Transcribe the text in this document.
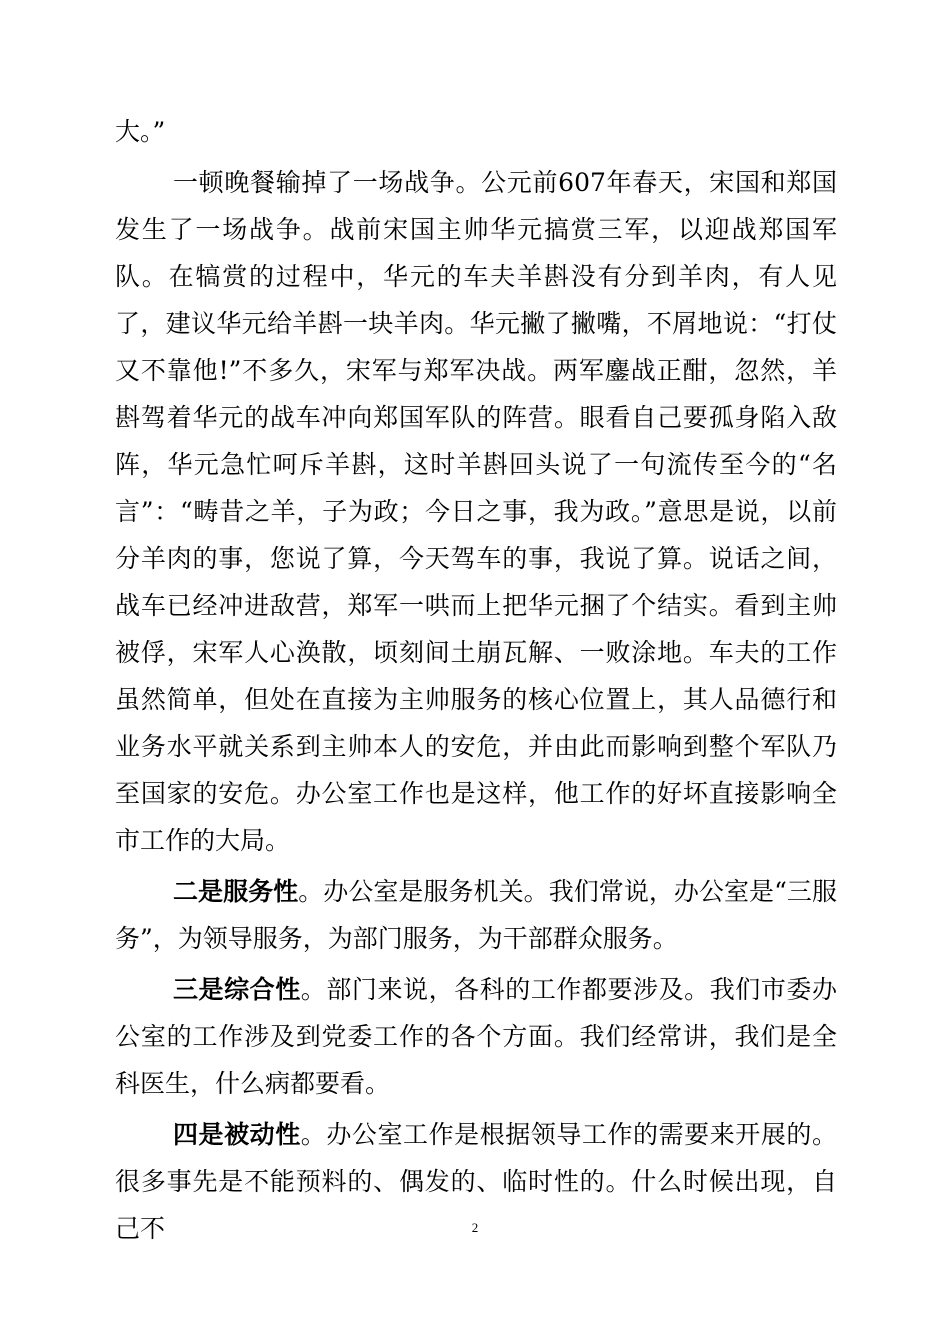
大。”

一顿晚餐输掉了一场战争。公元前607年春天，宋国和郑国发生了一场战争。战前宋国主帅华元搞赏三军，以迎战郑国军队。在犒赏的过程中，华元的车夫羊斟没有分到羊肉，有人见了，建议华元给羊斟一块羊肉。华元撇了撇嘴，不屑地说：“打仗又不靠他!”不多久，宋军与郑军决战。两军鏖战正酣，忽然，羊斟驾着华元的战车冲向郑国军队的阵营。眼看自己要孤身陷入敌阵，华元急忙呵斥羊斟，这时羊斟回头说了一句流传至今的“名言”：“畴昔之羊，子为政；今日之事，我为政。”意思是说，以前分羊肉的事，您说了算，今天驾车的事，我说了算。说话之间，战车已经冲进敌营，郑军一哄而上把华元捆了个结实。看到主帅被俘，宋军人心涣散，顷刻间土崩瓦解、一败涂地。车夫的工作虽然简单，但处在直接为主帅服务的核心位置上，其人品德行和业务水平就关系到主帅本人的安危，并由此而影响到整个军队乃至国家的安危。办公室工作也是这样，他工作的好坏直接影响全市工作的大局。

二是服务性。办公室是服务机关。我们常说，办公室是“三服务”，为领导服务，为部门服务，为干部群众服务。

三是综合性。部门来说，各科的工作都要涉及。我们市委办公室的工作涉及到党委工作的各个方面。我们经常讲，我们是全科医生，什么病都要看。

四是被动性。办公室工作是根据领导工作的需要来开展的。很多事先是不能预料的、偶发的、临时性的。什么时候出现，自己不	2
